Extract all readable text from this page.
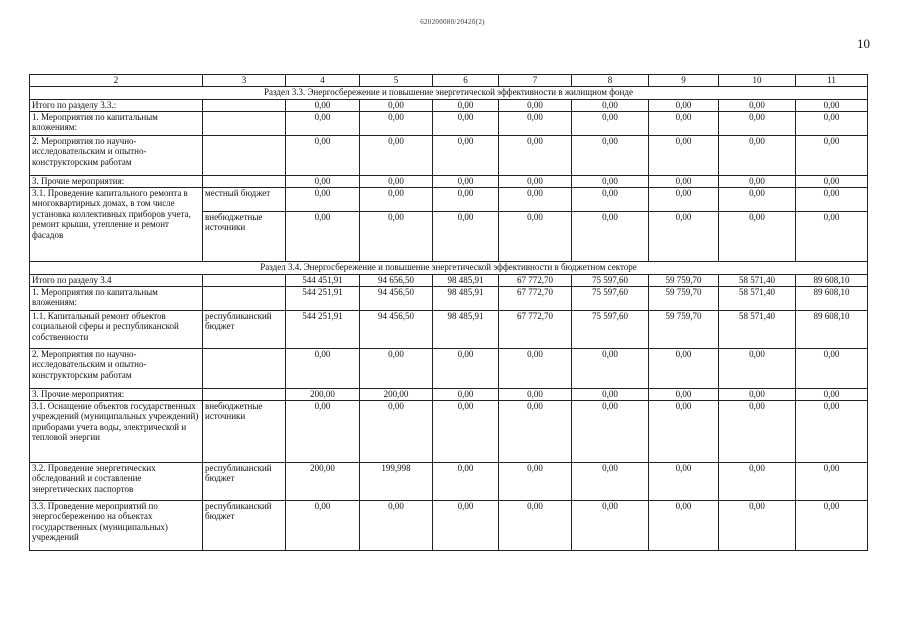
620200080/2042б(2)
10
2	3	4	5	6	7	8	9	10	11
Раздел 3.3. Энергосбережение и повышение энергетической эффективности в жилищном фонде									
Итого по разделу 3.3.:		0,00	0,00	0,00	0,00	0,00	0,00	0,00	0,00
1. Мероприятия по капитальным вложениям:		0,00	0,00	0,00	0,00	0,00	0,00	0,00	0,00
2. Мероприятия по научно-исследовательским и опытно-конструкторским работам		0,00	0,00	0,00	0,00	0,00	0,00	0,00	0,00
3. Прочие мероприятия:		0,00	0,00	0,00	0,00	0,00	0,00	0,00	0,00
3.1. Проведение капитального ремонта в многоквартирных домах, в том числе установка коллективных приборов учета, ремонт крыши, утепление и ремонт фасадов	местный бюджет	0,00	0,00	0,00	0,00	0,00	0,00	0,00	0,00
	внебюджетные источники	0,00	0,00	0,00	0,00	0,00	0,00	0,00	0,00
Раздел 3.4. Энергосбережение и повышение энергетической эффективности в бюджетном секторе									
Итого по разделу 3.4		544 451,91	94 656,50	98 485,91	67 772,70	75 597,60	59 759,70	58 571,40	89 608,10
1. Мероприятия по капитальным вложениям:		544 251,91	94 456,50	98 485,91	67 772,70	75 597,60	59 759,70	58 571,40	89 608,10
1.1. Капитальный ремонт объектов социальной сферы и республиканской собственности	республиканский бюджет	544 251,91	94 456,50	98 485,91	67 772,70	75 597,60	59 759,70	58 571,40	89 608,10
2. Мероприятия по научно-исследовательским и опытно-конструкторским работам		0,00	0,00	0,00	0,00	0,00	0,00	0,00	0,00
3. Прочие мероприятия:		200,00	200,00	0,00	0,00	0,00	0,00	0,00	0,00
3.1. Оснащение объектов государственных учреждений (муниципальных учреждений) приборами учета воды, электрической и тепловой энергии	внебюджетные источники	0,00	0,00	0,00	0,00	0,00	0,00	0,00	0,00
3.2. Проведение энергетических обследований и составление энергетических паспортов	республиканский бюджет	200,00	199,998	0,00	0,00	0,00	0,00	0,00	0,00
3.3. Проведение мероприятий по энергосбережению на объектах государственных (муниципальных) учреждений	республиканский бюджет	0,00	0,00	0,00	0,00	0,00	0,00	0,00	0,00
